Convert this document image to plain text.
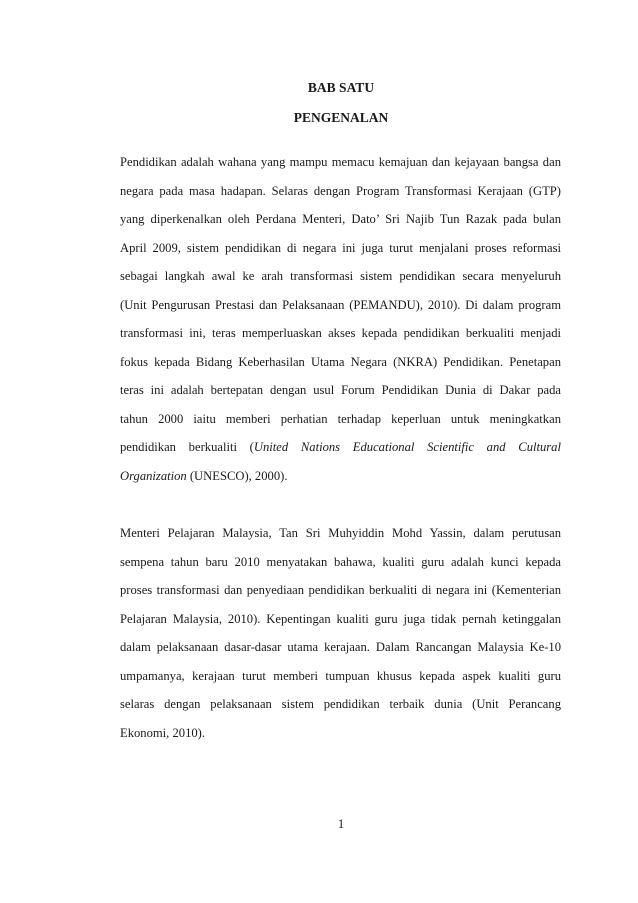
BAB SATU
PENGENALAN
Pendidikan adalah wahana yang mampu memacu kemajuan dan kejayaan bangsa dan
negara pada masa hadapan. Selaras dengan Program Transformasi Kerajaan (GTP)
yang diperkenalkan oleh Perdana Menteri, Dato’ Sri Najib Tun Razak pada bulan
April 2009, sistem pendidikan di negara ini juga turut menjalani proses reformasi
sebagai langkah awal ke arah transformasi sistem pendidikan secara menyeluruh
(Unit Pengurusan Prestasi dan Pelaksanaan (PEMANDU), 2010). Di dalam program
transformasi ini, teras memperluaskan akses kepada pendidikan berkualiti menjadi
fokus kepada Bidang Keberhasilan Utama Negara (NKRA) Pendidikan. Penetapan
teras ini adalah bertepatan dengan usul Forum Pendidikan Dunia di Dakar pada
tahun 2000 iaitu memberi perhatian terhadap keperluan untuk meningkatkan
pendidikan berkualiti (United Nations Educational Scientific and Cultural
Organization (UNESCO), 2000).
Menteri Pelajaran Malaysia, Tan Sri Muhyiddin Mohd Yassin, dalam perutusan
sempena tahun baru 2010 menyatakan bahawa, kualiti guru adalah kunci kepada
proses transformasi dan penyediaan pendidikan berkualiti di negara ini (Kementerian
Pelajaran Malaysia, 2010). Kepentingan kualiti guru juga tidak pernah ketinggalan
dalam pelaksanaan dasar-dasar utama kerajaan. Dalam Rancangan Malaysia Ke-10
umpamanya, kerajaan turut memberi tumpuan khusus kepada aspek kualiti guru
selaras dengan pelaksanaan sistem pendidikan terbaik dunia (Unit Perancang
Ekonomi, 2010).
1
